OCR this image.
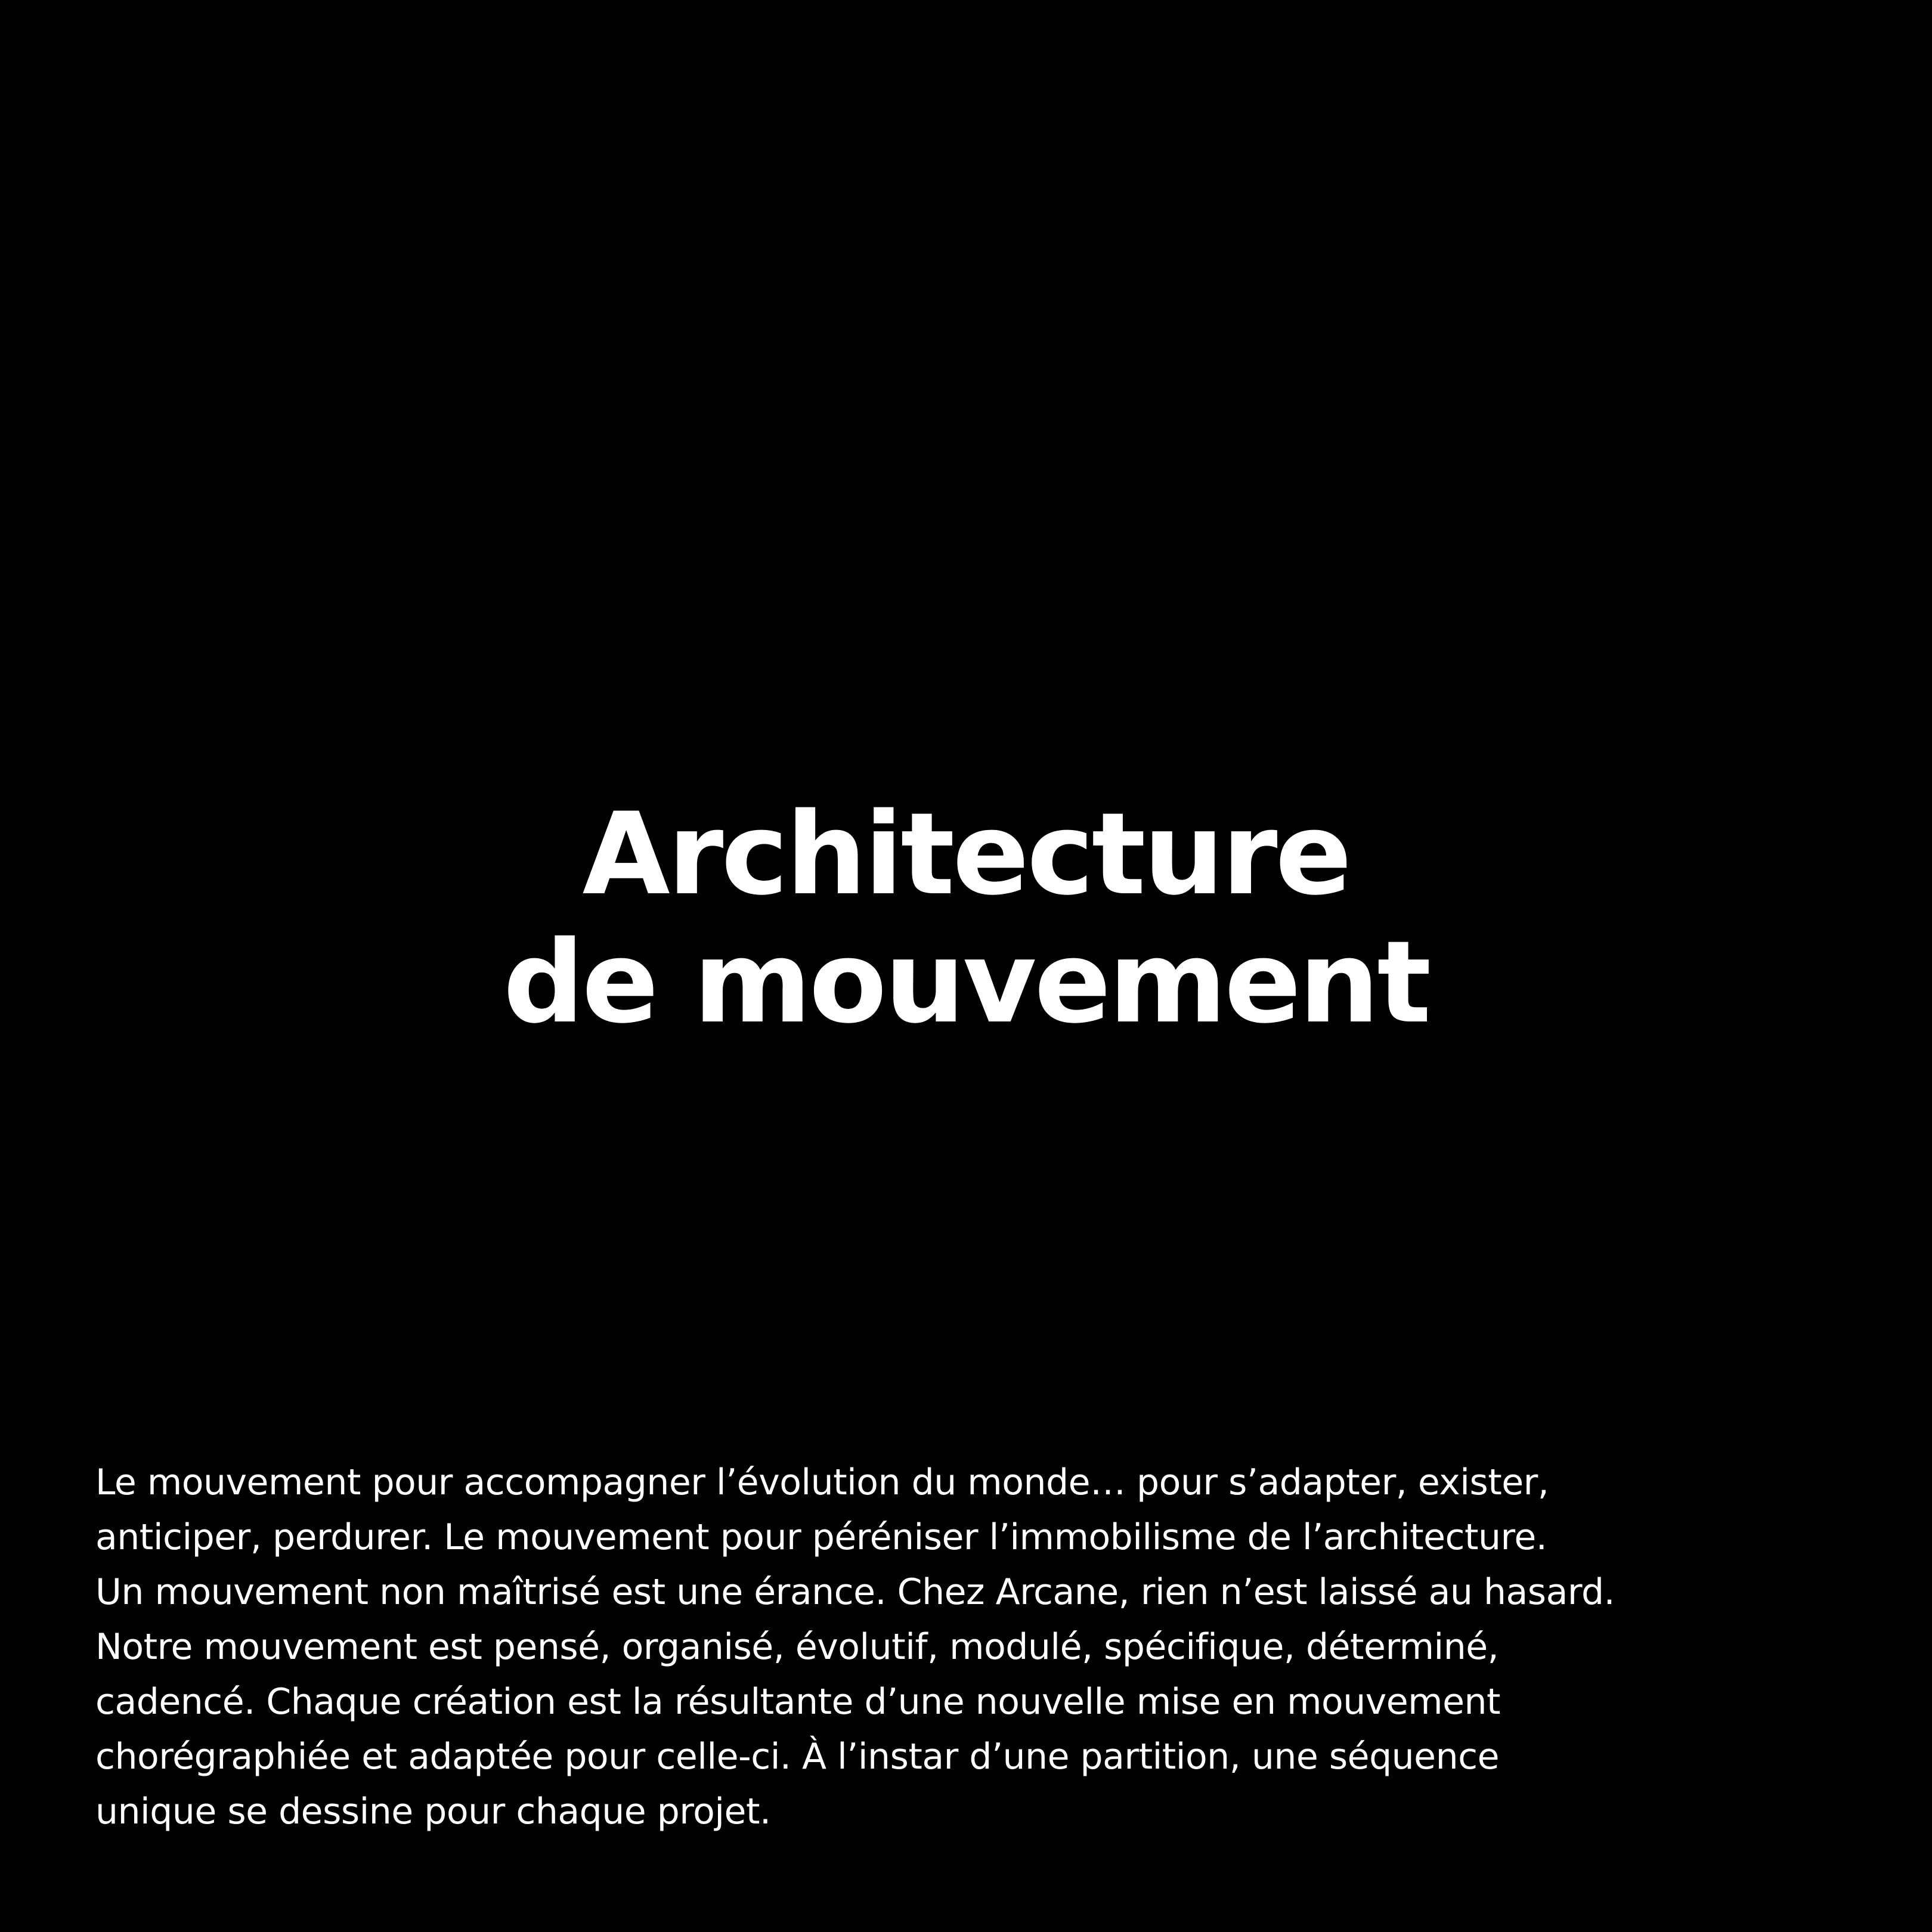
Architecture
de mouvement

Le mouvement pour accompagner l’évolution du monde… pour s’adapter, exister,
anticiper, perdurer. Le mouvement pour péréniser l’immobilisme de l’architecture.
Un mouvement non maîtrisé est une érance. Chez Arcane, rien n’est laissé au hasard.
Notre mouvement est pensé, organisé, évolutif, modulé, spécifique, déterminé,
cadencé. Chaque création est la résultante d’une nouvelle mise en mouvement
chorégraphiée et adaptée pour celle-ci. À l’instar d’une partition, une séquence
unique se dessine pour chaque projet.
